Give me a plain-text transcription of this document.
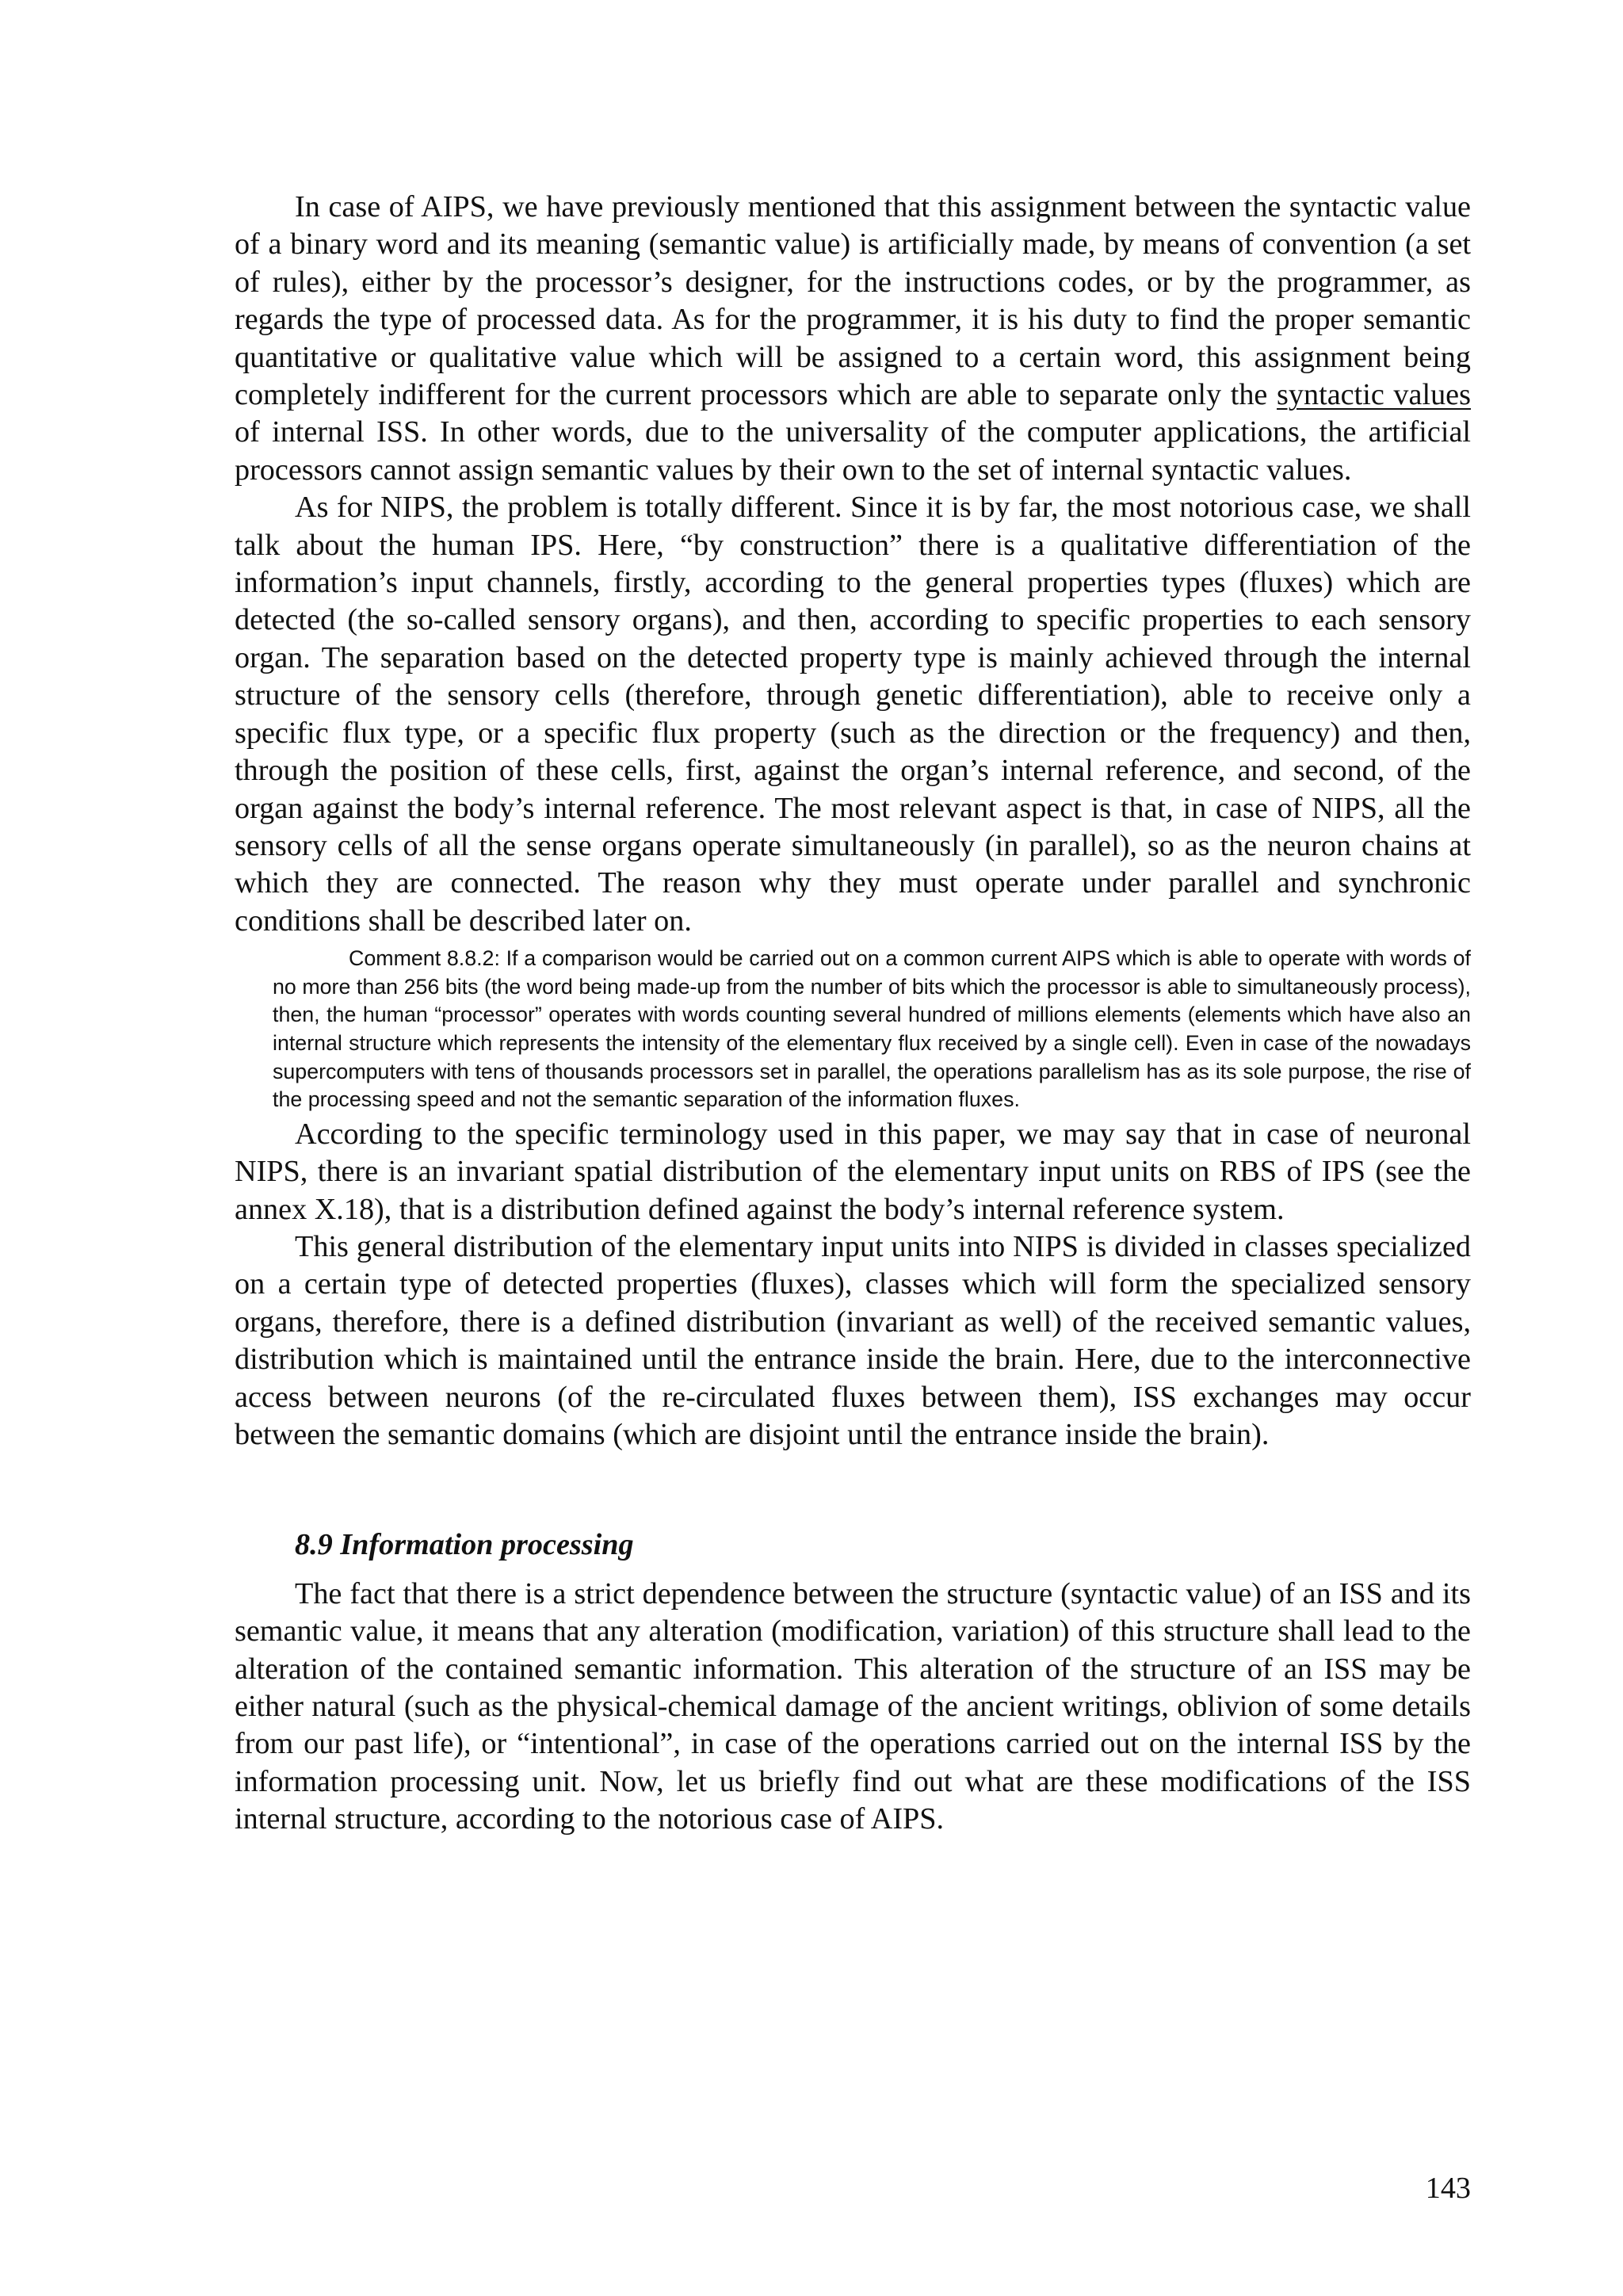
In case of AIPS, we have previously mentioned that this assignment between the syntactic value of a binary word and its meaning (semantic value) is artificially made, by means of convention (a set of rules), either by the processor’s designer, for the instructions codes, or by the programmer, as regards the type of processed data. As for the programmer, it is his duty to find the proper semantic quantitative or qualitative value which will be assigned to a certain word, this assignment being completely indifferent for the current processors which are able to separate only the syntactic values of internal ISS. In other words, due to the universality of the computer applications, the artificial processors cannot assign semantic values by their own to the set of internal syntactic values.

As for NIPS, the problem is totally different. Since it is by far, the most notorious case, we shall talk about the human IPS. Here, “by construction” there is a qualitative differentiation of the information’s input channels, firstly, according to the general properties types (fluxes) which are detected (the so-called sensory organs), and then, according to specific properties to each sensory organ. The separation based on the detected property type is mainly achieved through the internal structure of the sensory cells (therefore, through genetic differentiation), able to receive only a specific flux type, or a specific flux property (such as the direction or the frequency) and then, through the position of these cells, first, against the organ’s internal reference, and second, of the organ against the body’s internal reference. The most relevant aspect is that, in case of NIPS, all the sensory cells of all the sense organs operate simultaneously (in parallel), so as the neuron chains at which they are connected. The reason why they must operate under parallel and synchronic conditions shall be described later on.

Comment 8.8.2: If a comparison would be carried out on a common current AIPS which is able to operate with words of no more than 256 bits (the word being made-up from the number of bits which the processor is able to simultaneously process), then, the human “processor” operates with words counting several hundred of millions elements (elements which have also an internal structure which represents the intensity of the elementary flux received by a single cell). Even in case of the nowadays supercomputers with tens of thousands processors set in parallel, the operations parallelism has as its sole purpose, the rise of the processing speed and not the semantic separation of the information fluxes.

According to the specific terminology used in this paper, we may say that in case of neuronal NIPS, there is an invariant spatial distribution of the elementary input units on RBS of IPS (see the annex X.18), that is a distribution defined against the body’s internal reference system.

This general distribution of the elementary input units into NIPS is divided in classes specialized on a certain type of detected properties (fluxes), classes which will form the specialized sensory organs, therefore, there is a defined distribution (invariant as well) of the received semantic values, distribution which is maintained until the entrance inside the brain. Here, due to the interconnective access between neurons (of the re-circulated fluxes between them), ISS exchanges may occur between the semantic domains (which are disjoint until the entrance inside the brain).

8.9 Information processing

The fact that there is a strict dependence between the structure (syntactic value) of an ISS and its semantic value, it means that any alteration (modification, variation) of this structure shall lead to the alteration of the contained semantic information. This alteration of the structure of an ISS may be either natural (such as the physical-chemical damage of the ancient writings, oblivion of some details from our past life), or “intentional”, in case of the operations carried out on the internal ISS by the information processing unit. Now, let us briefly find out what are these modifications of the ISS internal structure, according to the notorious case of AIPS.

143
